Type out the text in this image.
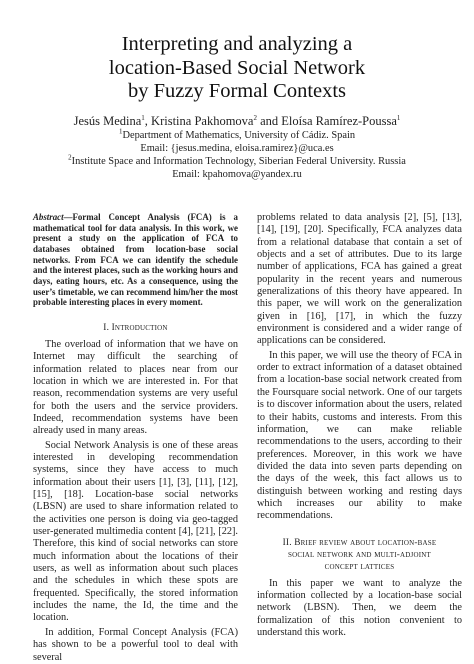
Interpreting and analyzing a
location-Based Social Network
by Fuzzy Formal Contexts
Jesús Medina$^1$, Kristina Pakhomova$^2$ and Eloísa Ramírez-Poussa$^1$
$^1$Department of Mathematics, University of Cádiz. Spain
Email: {jesus.medina, eloisa.ramirez}@uca.es
$^2$Institute Space and Information Technology, Siberian Federal University. Russia
Email: kpahomova@yandex.ru
Abstract—Formal Concept Analysis (FCA) is a mathematical tool for data analysis. In this work, we present a study on the application of FCA to databases obtained from location-base social networks. From FCA we can identify the schedule and the interest places, such as the working hours and days, eating hours, etc. As a consequence, using the user’s timetable, we can recommend him/her the most probable interesting places in every moment.
I. Introduction

The overload of information that we have on Internet may difficult the searching of information related to places near from our location in which we are interested in. For that reason, recommendation systems are very useful for both the users and the service providers. Indeed, recommendation systems have been already used in many areas.

Social Network Analysis is one of these areas interested in developing recommendation systems, since they have access to much information about their users [1], [3], [11], [12], [15], [18]. Location-base social networks (LBSN) are used to share information related to the activities one person is doing via geo-tagged user-generated multimedia content [4], [21], [22]. Therefore, this kind of social networks can store much information about the locations of their users, as well as information about such places and the schedules in which these spots are frequented. Specifically, the stored information includes the name, the Id, the time and the location.

In addition, Formal Concept Analysis (FCA) has shown to be a powerful tool to deal with several

problems related to data analysis [2], [5], [13], [14], [19], [20]. Specifically, FCA analyzes data from a relational database that contain a set of objects and a set of attributes. Due to its large number of applications, FCA has gained a great popularity in the recent years and numerous generalizations of this theory have appeared. In this paper, we will work on the generalization given in [16], [17], in which the fuzzy environment is considered and a wider range of applications can be considered.

In this paper, we will use the theory of FCA in order to extract information of a dataset obtained from a location-base social network created from the Foursquare social network. One of our targets is to discover information about the users, related to their habits, customs and interests. From this information, we can make reliable recommendations to the users, according to their preferences. Moreover, in this work we have divided the data into seven parts depending on the days of the week, this fact allows us to distinguish between working and resting days which increases our ability to make recommendations.

II. Brief review about location-base
social network and multi-adjoint
concept lattices

In this paper we want to analyze the information collected by a location-base social network (LBSN). Then, we deem the formalization of this notion convenient to understand this work.
